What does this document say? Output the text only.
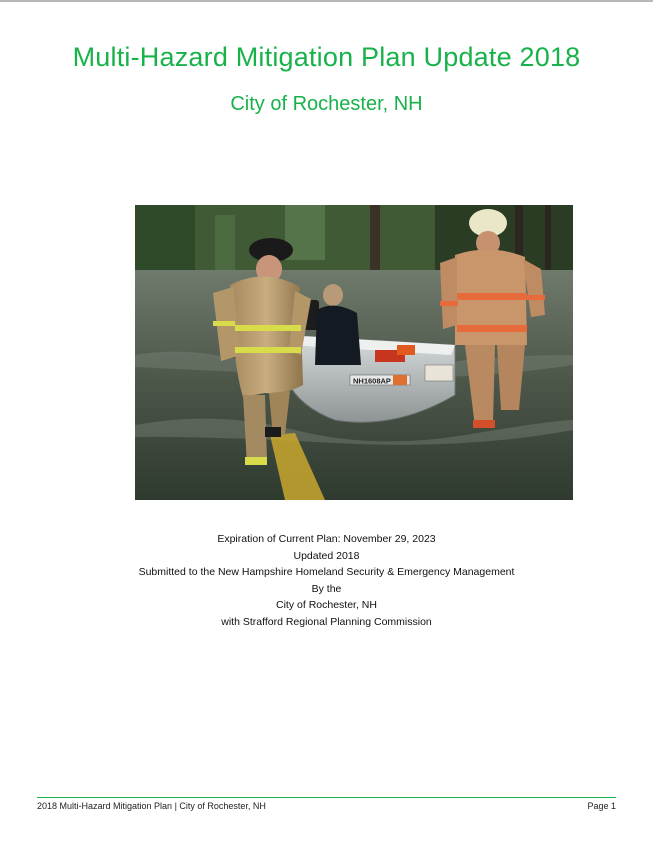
Multi-Hazard Mitigation Plan Update 2018
City of Rochester, NH
NH1608AP
Expiration of Current Plan: November 29, 2023
Updated 2018
Submitted to the New Hampshire Homeland Security & Emergency Management
By the
City of Rochester, NH
with Strafford Regional Planning Commission
2018 Multi-Hazard Mitigation Plan | City of Rochester, NH	Page 1
